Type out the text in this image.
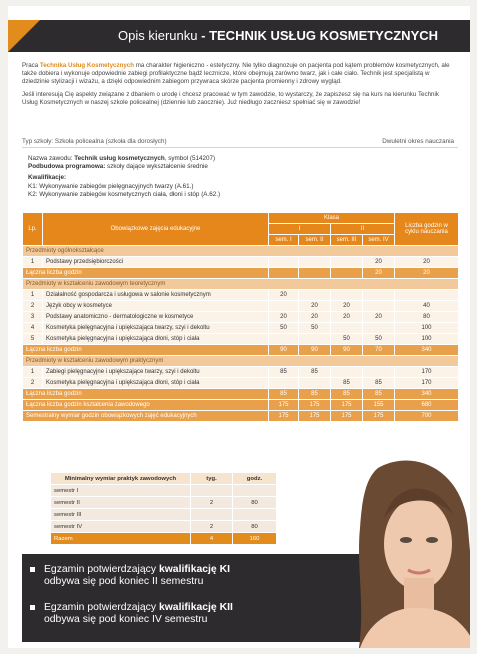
Opis kierunku - TECHNIK USŁUG KOSMETYCZNYCH

Praca Technika Usług Kosmetycznych ma charakter higieniczno - estetyczny. Nie tylko diagnozuje on pacjenta pod kątem problemów kosmetycznych, ale także dobiera i wykonuje odpowiednie zabiegi profilaktyczne bądź lecznicze, które obejmują zarówno twarz, jak i całe ciało. Technik jest specjalistą w dziedzinie stylizacji i wizażu, a dzięki odpowiednim zabiegom przywraca skórze pacjenta promienny i zdrowy wygląd.

Jeśli interesują Cię aspekty związane z dbaniem o urodę i chcesz pracować w tym zawodzie, to wystarczy, że zapiszesz się na kurs na kierunku Technik Usług Kosmetycznych w naszej szkole policealnej (dziennie lub zaocznie). Już niedługo zaczniesz spełniać się w zawodzie!

Typ szkoły: Szkoła policealna (szkoła dla dorosłych)	Dwuletni okres nauczania
Nazwa zawodu: Technik usług kosmetycznych, symbol (514207)
Podbudowa programowa: szkoły dające wykształcenie średnie
Kwalifikacje:
K1: Wykonywanie zabiegów pielęgnacyjnych twarzy (A.61.)
K2: Wykonywanie zabiegów kosmetycznych ciała, dłoni i stóp (A.62.)
Lp.	Obowiązkowe zajęcia edukacyjne	Klasa				Liczba godzin w cyklu nauczania
		I		II		
		sem. I	sem. II	sem. III	sem. IV	
Przedmioty ogólnokształcące						
1	Podstawy przedsiębiorczości				20	20
Łączna liczba godzin					20	20
Przedmioty w kształceniu zawodowym teoretycznym						
1	Działalność gospodarcza i usługowa w salonie kosmetycznym	20				
2	Język obcy w kosmetyce		20	20		40
3	Podstawy anatomiczno - dermatologiczne w kosmetyce	20	20	20	20	80
4	Kosmetyka pielęgnacyjna i upiększająca twarzy, szyi i dekoltu	50	50			100
5	Kosmetyka pielęgnacyjna i upiększająca dłoni, stóp i ciała			50	50	100
Łączna liczba godzin		90	90	90	70	340
Przedmioty w kształceniu zawodowym praktycznym						
1	Zabiegi pielęgnacyjne i upiększające twarzy, szyi i dekoltu	85	85			170
2	Kosmetyka pielęgnacyjna i upiększająca dłoni, stóp i ciała			85	85	170
Łączna liczba godzin		85	85	85	85	340
Łączna liczba godzin kształcenia zawodowego		175	175	175	155	680
Semestralny wymiar godzin obowiązkowych zajęć edukacyjnych		175	175	175	175	700
Minimalny wymiar praktyk zawodowych	tyg.	godz.
semestr I		
semestr II	2	80
semestr III		
semestr IV	2	80
Razem	4	160
Egzamin potwierdzający kwalifikację KI
odbywa się pod koniec II semestru
Egzamin potwierdzający kwalifikację KII
odbywa się pod koniec IV semestru
